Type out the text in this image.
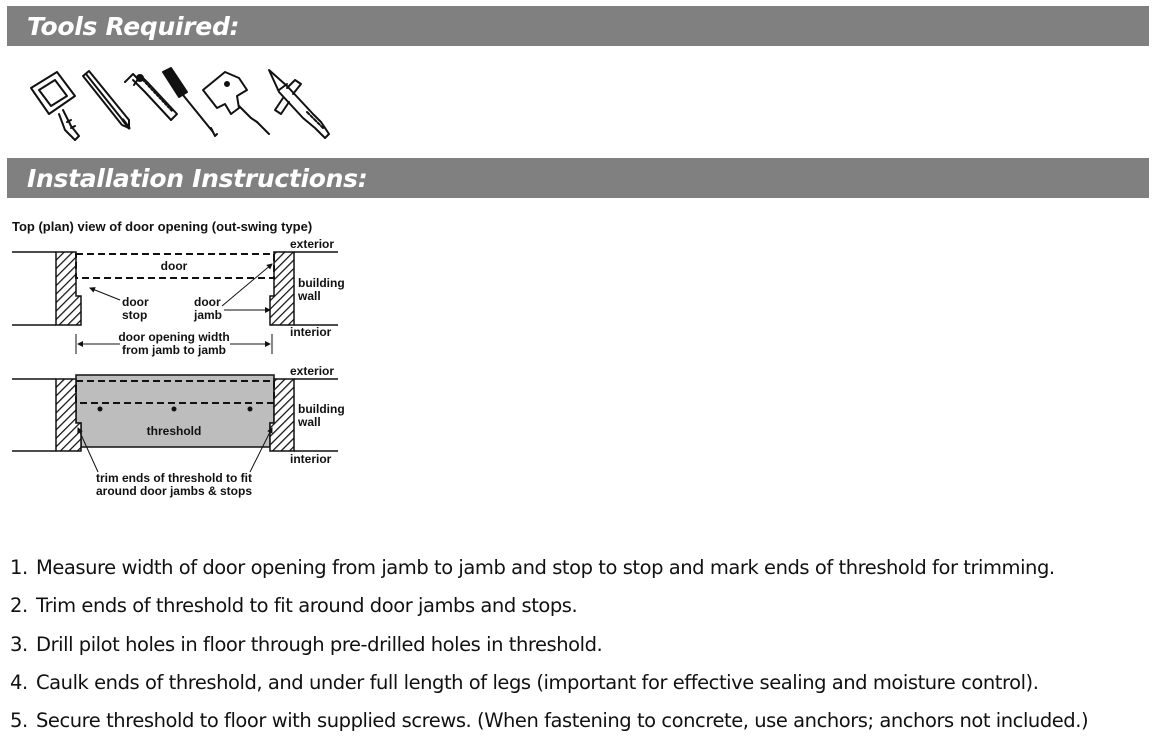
Tools Required:
Installation Instructions:
Top (plan) view of door opening (out-swing type)
door
exterior
interior
building
wall
door
stop
door
jamb
door opening width
from jamb to jamb
threshold
exterior
interior
building
wall
trim ends of threshold to fit
around door jambs & stops
1. Measure width of door opening from jamb to jamb and stop to stop and mark ends of threshold for trimming.
2. Trim ends of threshold to fit around door jambs and stops.
3. Drill pilot holes in floor through pre-drilled holes in threshold.
4. Caulk ends of threshold, and under full length of legs (important for effective sealing and moisture control).
5. Secure threshold to floor with supplied screws. (When fastening to concrete, use anchors; anchors not included.)
